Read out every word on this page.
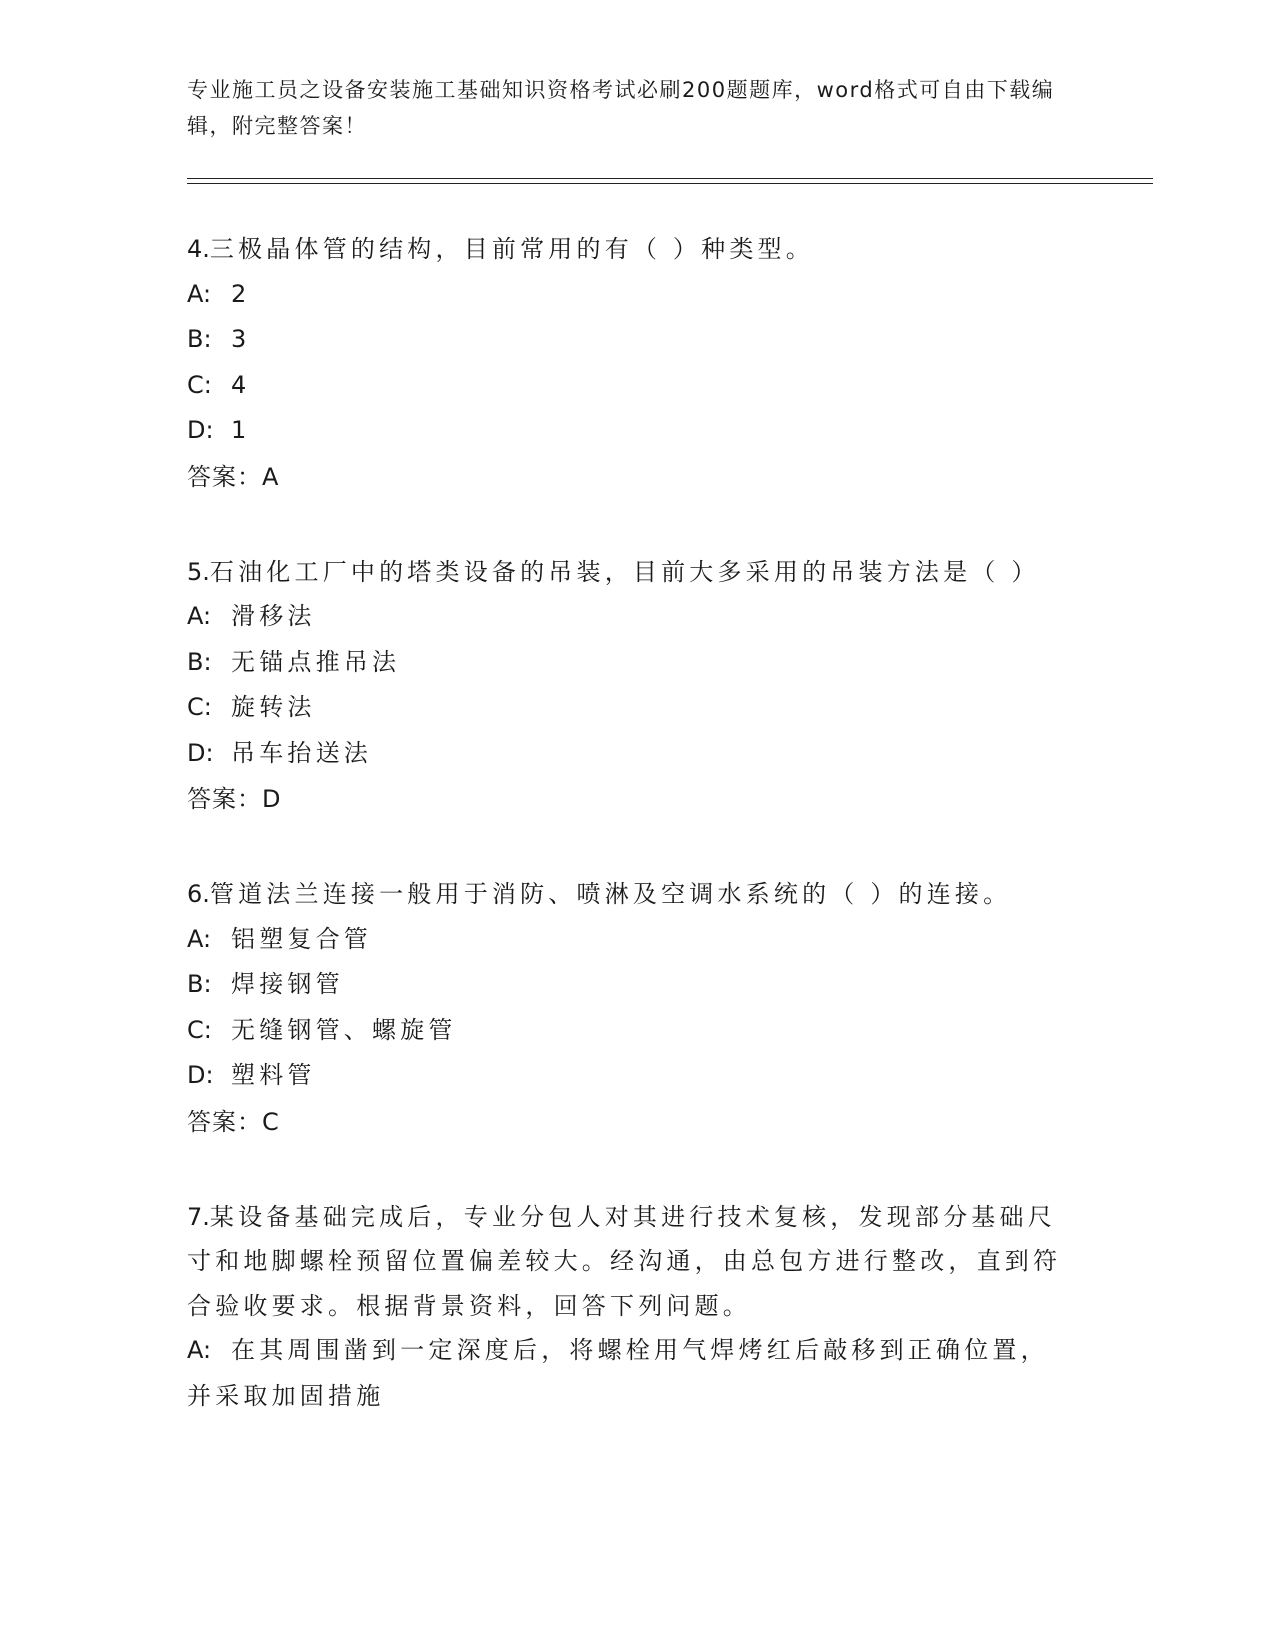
专业施工员之设备安装施工基础知识资格考试必刷200题题库，word格式可自由下载编辑，附完整答案！
4.三极晶体管的结构，目前常用的有（ ）种类型。
A: 2
B: 3
C: 4
D: 1
答案：A
5.石油化工厂中的塔类设备的吊装，目前大多采用的吊装方法是（ ）
A: 滑移法
B: 无锚点推吊法
C: 旋转法
D: 吊车抬送法
答案：D
6.管道法兰连接一般用于消防、喷淋及空调水系统的（ ）的连接。
A: 铝塑复合管
B: 焊接钢管
C: 无缝钢管、螺旋管
D: 塑料管
答案：C
7.某设备基础完成后，专业分包人对其进行技术复核，发现部分基础尺寸和地脚螺栓预留位置偏差较大。经沟通，由总包方进行整改，直到符合验收要求。根据背景资料，回答下列问题。
A: 在其周围凿到一定深度后，将螺栓用气焊烤红后敲移到正确位置，并采取加固措施
